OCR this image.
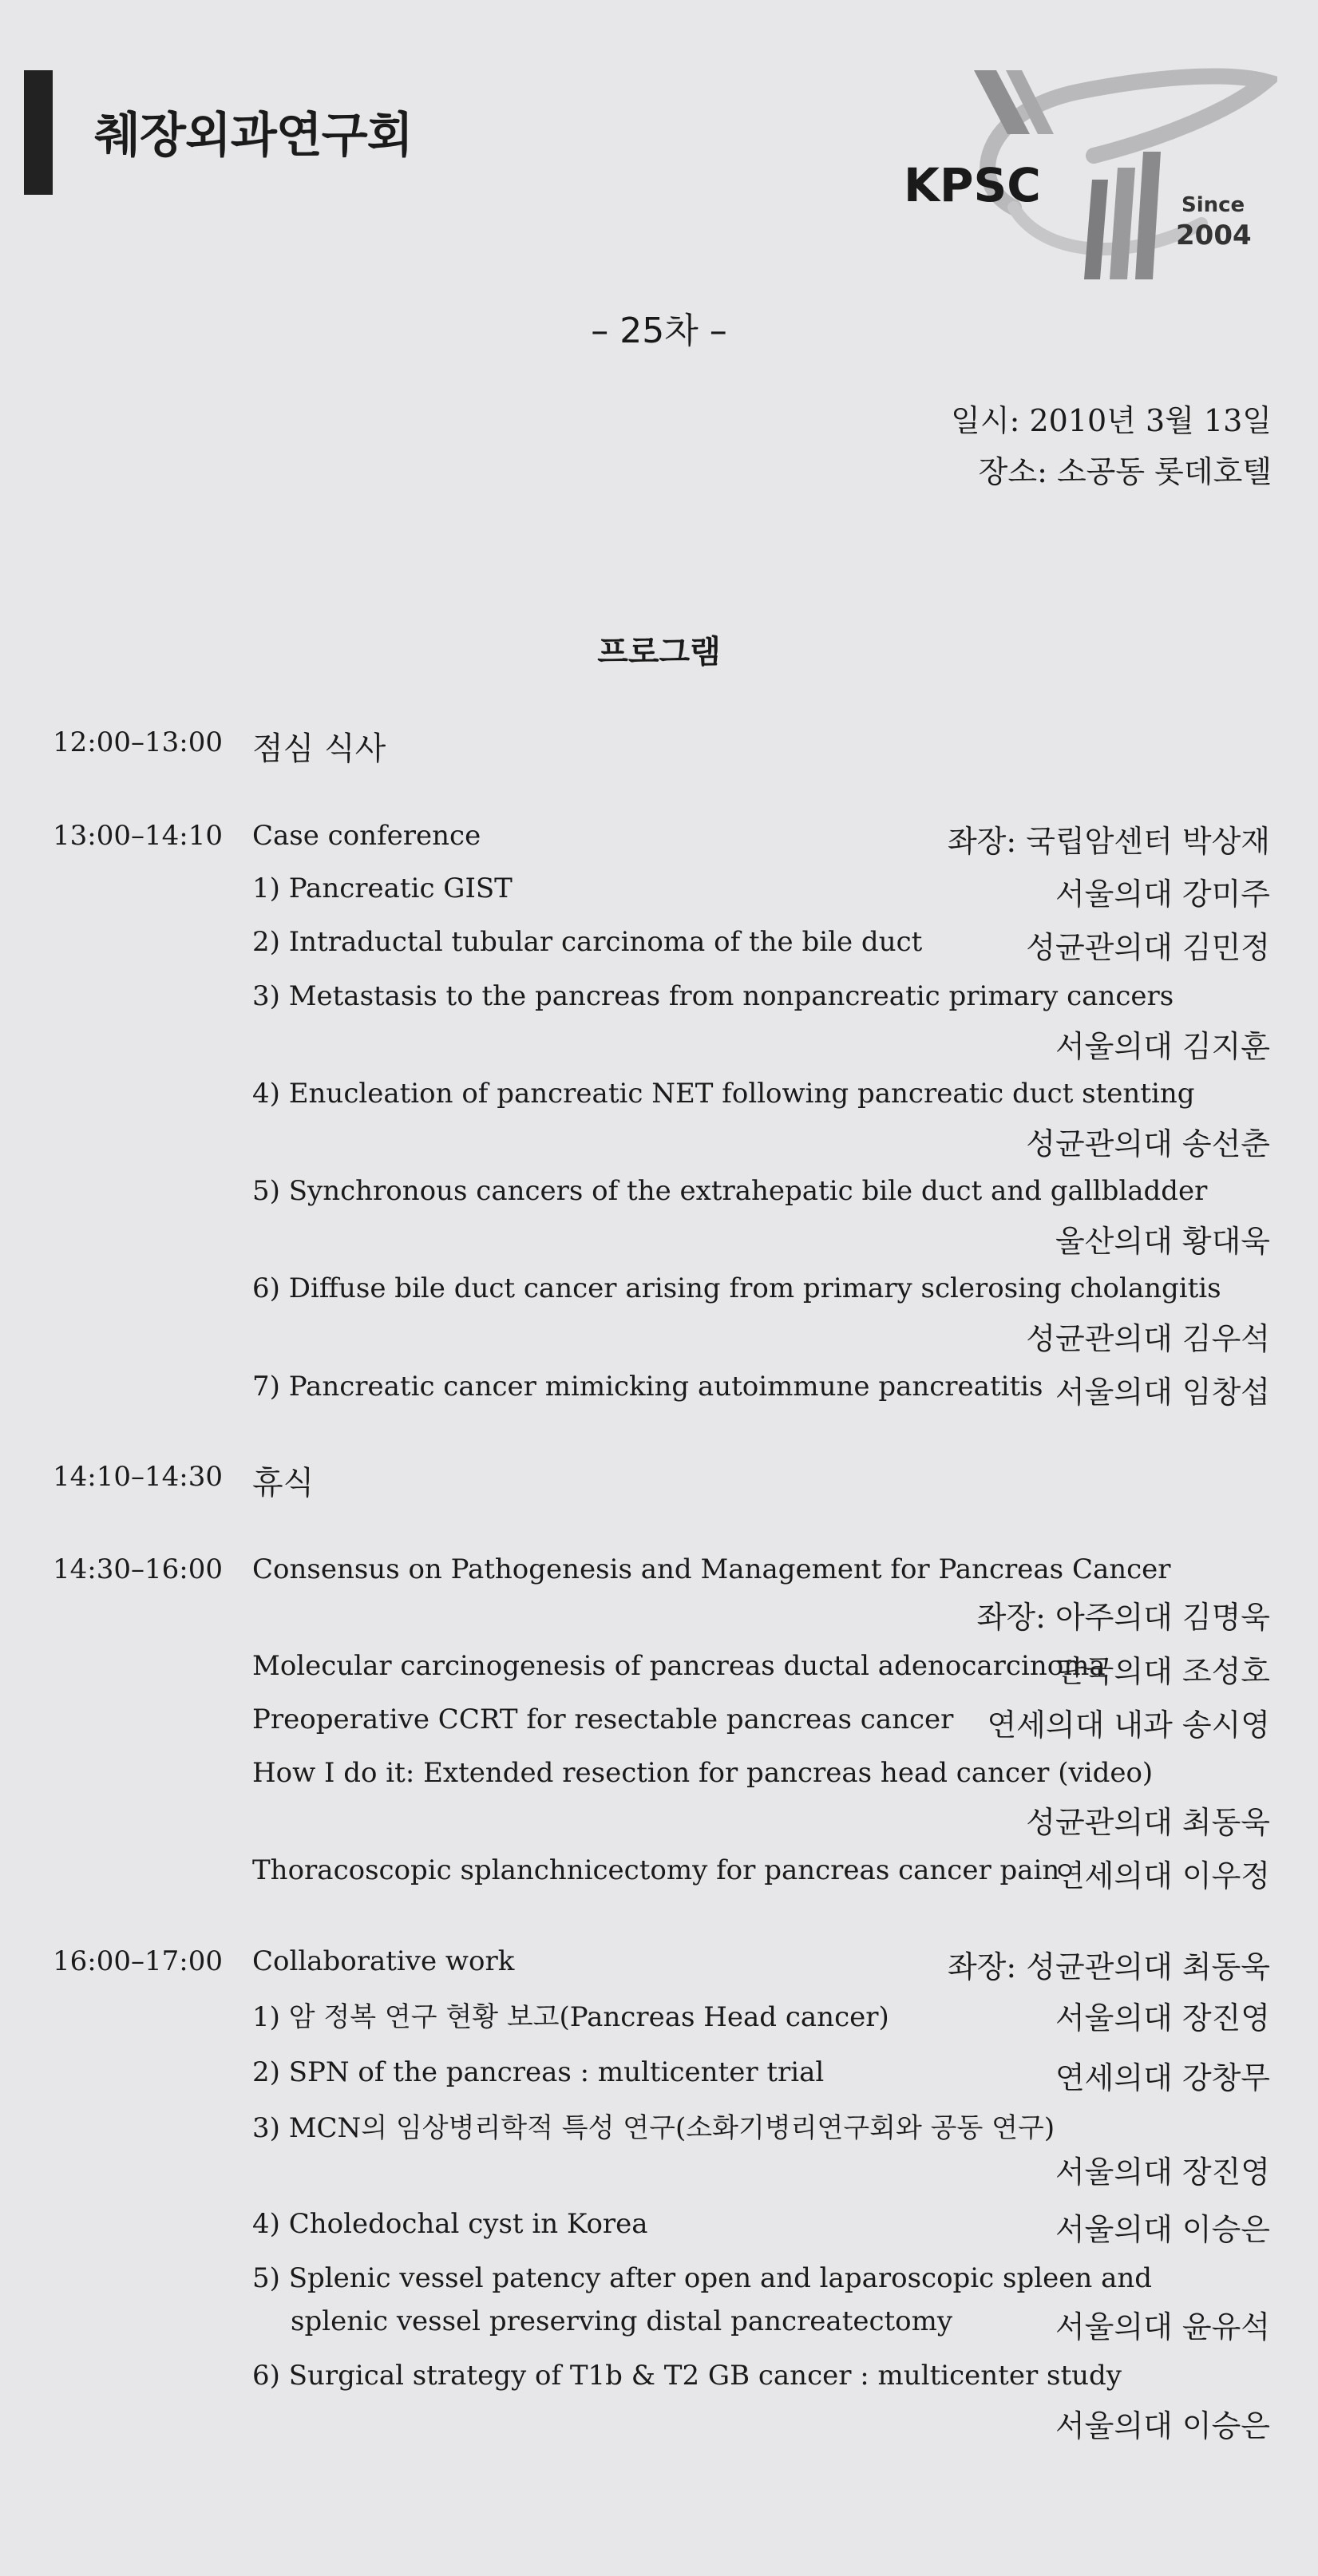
췌장외과연구회
KPSC	Since
2004
– 25차 –
일시: 2010년 3월 13일
장소: 소공동 롯데호텔
프로그램
12:00–13:00 점심 식사
13:00–14:10 Case conference	좌장: 국립암센터 박상재
1) Pancreatic GIST	서울의대 강미주
2) Intraductal tubular carcinoma of the bile duct	성균관의대 김민정
3) Metastasis to the pancreas from nonpancreatic primary cancers
서울의대 김지훈
4) Enucleation of pancreatic NET following pancreatic duct stenting
성균관의대 송선춘
5) Synchronous cancers of the extrahepatic bile duct and gallbladder
울산의대 황대욱
6) Diffuse bile duct cancer arising from primary sclerosing cholangitis
성균관의대 김우석
7) Pancreatic cancer mimicking autoimmune pancreatitis 서울의대 임창섭
14:10–14:30 휴식
14:30–16:00 Consensus on Pathogenesis and Management for Pancreas Cancer
좌장: 아주의대 김명욱
Molecular carcinogenesis of pancreas ductal adenocarcinoma
단국의대 조성호
Preoperative CCRT for resectable pancreas cancer 연세의대 내과 송시영
How I do it: Extended resection for pancreas head cancer (video)
성균관의대 최동욱
Thoracoscopic splanchnicectomy for pancreas cancer pain
연세의대 이우정
16:00–17:00 Collaborative work	좌장: 성균관의대 최동욱
1) 암 정복 연구 현황 보고(Pancreas Head cancer)	서울의대 장진영
2) SPN of the pancreas : multicenter trial	연세의대 강창무
3) MCN의 임상병리학적 특성 연구(소화기병리연구회와 공동 연구)
서울의대 장진영
4) Choledochal cyst in Korea	서울의대 이승은
5) Splenic vessel patency after open and laparoscopic spleen and
splenic vessel preserving distal pancreatectomy	서울의대 윤유석
6) Surgical strategy of T1b & T2 GB cancer : multicenter study
서울의대 이승은
